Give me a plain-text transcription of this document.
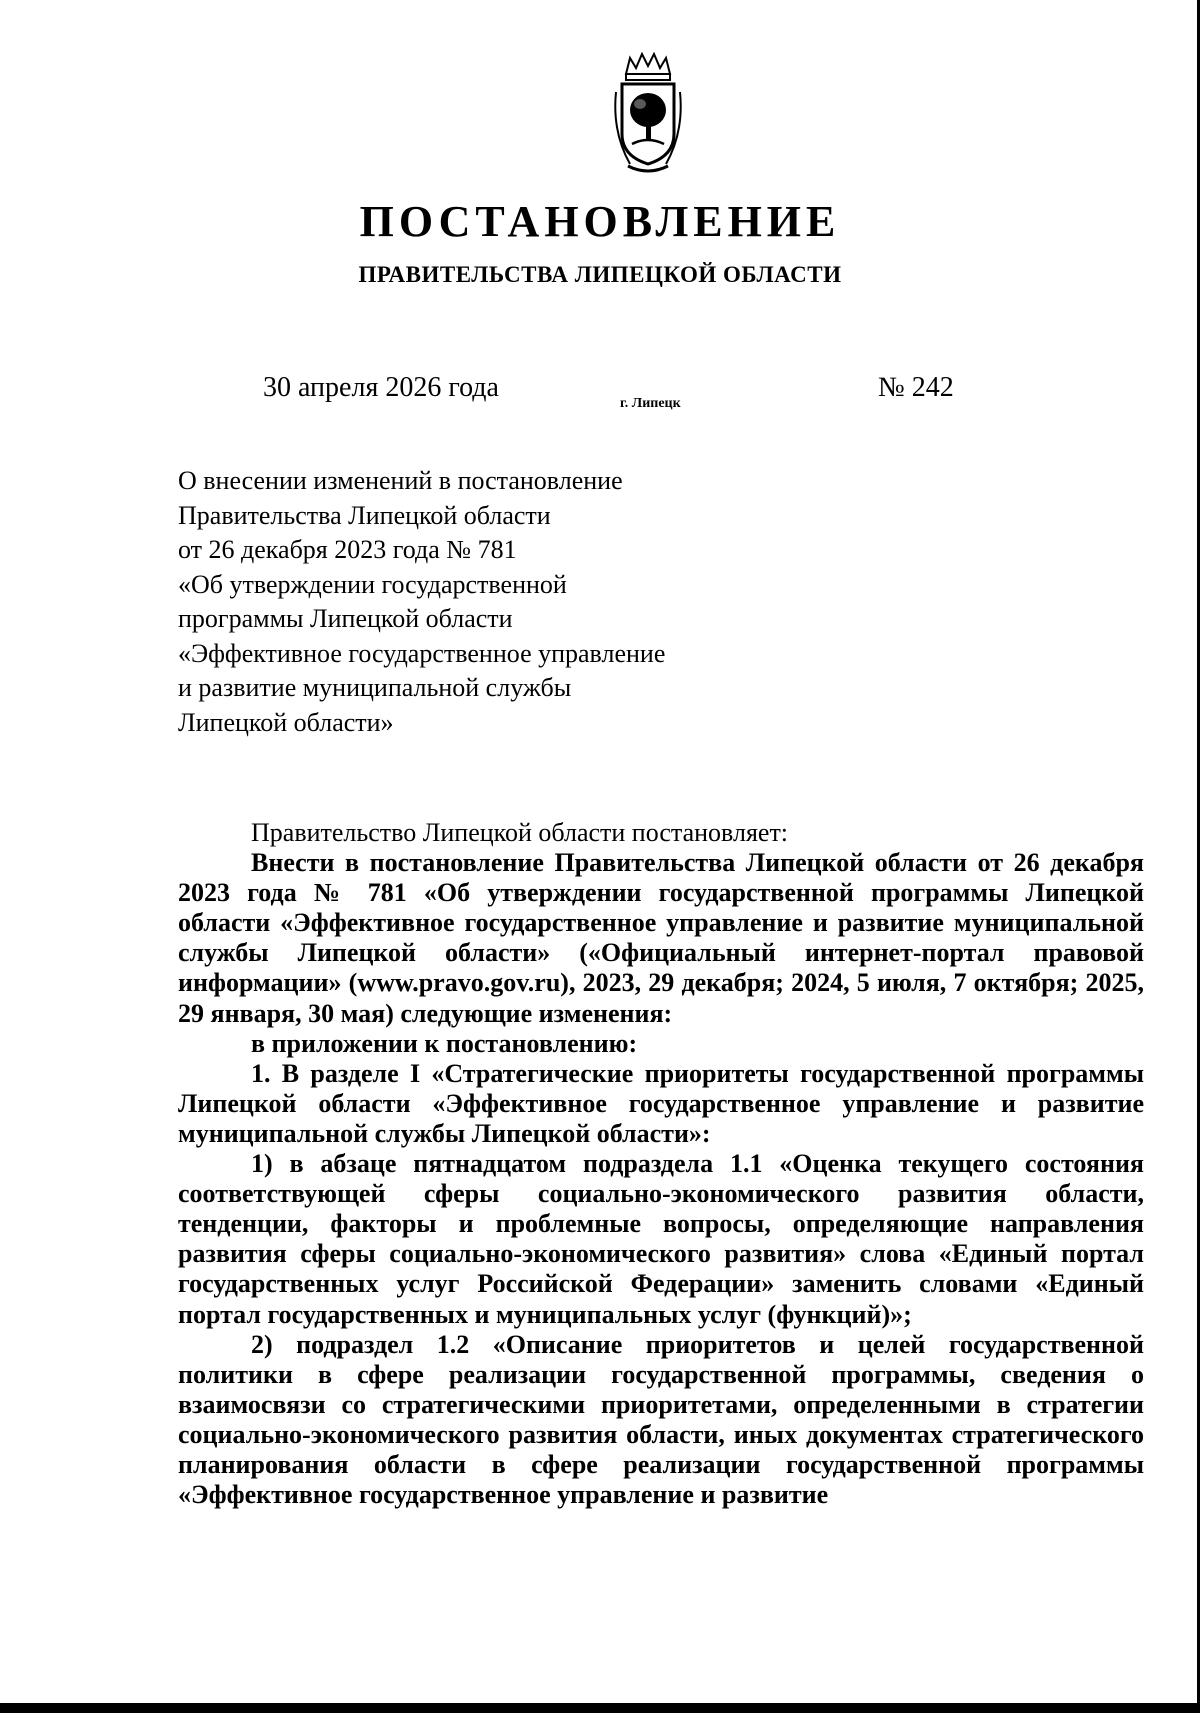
ПОСТАНОВЛЕНИЕ
ПРАВИТЕЛЬСТВА ЛИПЕЦКОЙ ОБЛАСТИ
30 апреля 2026 года
г. Липецк
№ 242
О внесении изменений в постановление
Правительства Липецкой области
от 26 декабря 2023 года № 781
«Об утверждении государственной
программы Липецкой области
«Эффективное государственное управление
и развитие муниципальной службы
Липецкой области»

Правительство Липецкой области постановляет:

Внести в постановление Правительства Липецкой области от 26 декабря 2023 года № 781 «Об утверждении государственной программы Липецкой области «Эффективное государственное управление и развитие муниципальной службы Липецкой области» («Официальный интернет-портал правовой информации» (www.pravo.gov.ru), 2023, 29 декабря; 2024, 5 июля, 7 октября; 2025, 29 января, 30 мая) следующие изменения:

в приложении к постановлению:

1. В разделе I «Стратегические приоритеты государственной программы Липецкой области «Эффективное государственное управление и развитие муниципальной службы Липецкой области»:

1) в абзаце пятнадцатом подраздела 1.1 «Оценка текущего состояния соответствующей сферы социально-экономического развития области, тенденции, факторы и проблемные вопросы, определяющие направления развития сферы социально-экономического развития» слова «Единый портал государственных услуг Российской Федерации» заменить словами «Единый портал государственных и муниципальных услуг (функций)»;

2) подраздел 1.2 «Описание приоритетов и целей государственной политики в сфере реализации государственной программы, сведения о взаимосвязи со стратегическими приоритетами, определенными в стратегии социально-экономического развития области, иных документах стратегического планирования области в сфере реализации государственной программы «Эффективное государственное управление и развитие
